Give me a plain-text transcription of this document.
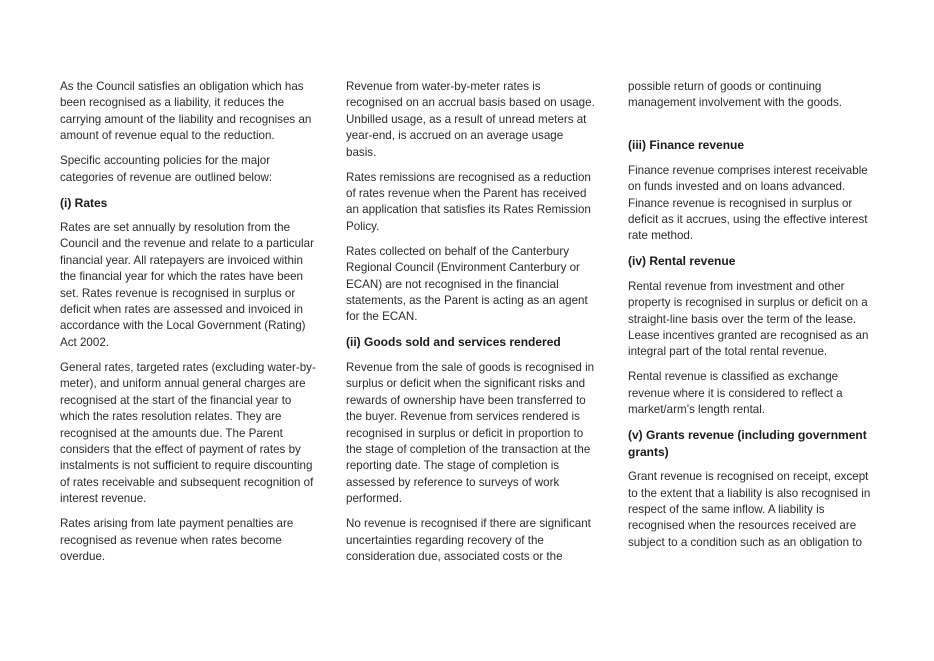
As the Council satisfies an obligation which has been recognised as a liability, it reduces the carrying amount of the liability and recognises an amount of revenue equal to the reduction.

Specific accounting policies for the major categories of revenue are outlined below:

(i) Rates

Rates are set annually by resolution from the Council and the revenue and relate to a particular financial year. All ratepayers are invoiced within the financial year for which the rates have been set. Rates revenue is recognised in surplus or deficit when rates are assessed and invoiced in accordance with the Local Government (Rating) Act 2002.

General rates, targeted rates (excluding water-by-meter), and uniform annual general charges are recognised at the start of the financial year to which the rates resolution relates. They are recognised at the amounts due. The Parent considers that the effect of payment of rates by instalments is not sufficient to require discounting of rates receivable and subsequent recognition of interest revenue.

Rates arising from late payment penalties are recognised as revenue when rates become overdue.

Revenue from water-by-meter rates is recognised on an accrual basis based on usage. Unbilled usage, as a result of unread meters at year-end, is accrued on an average usage basis.

Rates remissions are recognised as a reduction of rates revenue when the Parent has received an application that satisfies its Rates Remission Policy.

Rates collected on behalf of the Canterbury Regional Council (Environment Canterbury or ECAN) are not recognised in the financial statements, as the Parent is acting as an agent for the ECAN.

(ii) Goods sold and services rendered

Revenue from the sale of goods is recognised in surplus or deficit when the significant risks and rewards of ownership have been transferred to the buyer. Revenue from services rendered is recognised in surplus or deficit in proportion to the stage of completion of the transaction at the reporting date. The stage of completion is assessed by reference to surveys of work performed.

No revenue is recognised if there are significant uncertainties regarding recovery of the consideration due, associated costs or the

possible return of goods or continuing management involvement with the goods.

(iii) Finance revenue

Finance revenue comprises interest receivable on funds invested and on loans advanced. Finance revenue is recognised in surplus or deficit as it accrues, using the effective interest rate method.

(iv) Rental revenue

Rental revenue from investment and other property is recognised in surplus or deficit on a straight-line basis over the term of the lease. Lease incentives granted are recognised as an integral part of the total rental revenue.

Rental revenue is classified as exchange revenue where it is considered to reflect a market/arm’s length rental.

(v) Grants revenue (including government grants)

Grant revenue is recognised on receipt, except to the extent that a liability is also recognised in respect of the same inflow. A liability is recognised when the resources received are subject to a condition such as an obligation to
